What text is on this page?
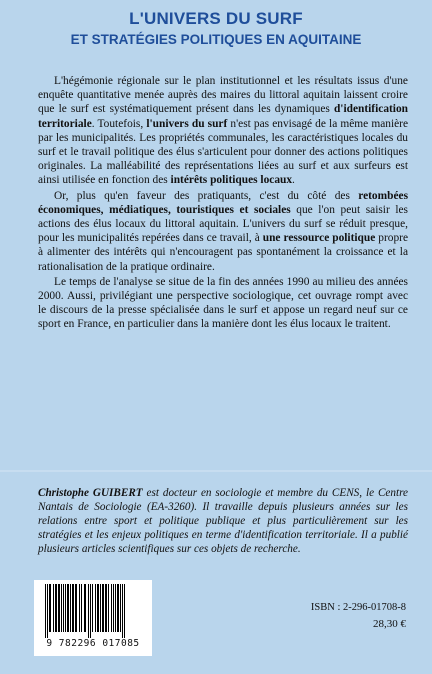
L'UNIVERS DU SURF
ET STRATÉGIES POLITIQUES EN AQUITAINE

L'hégémonie régionale sur le plan institutionnel et les résultats issus d'une enquête quantitative menée auprès des maires du littoral aquitain laissent croire que le surf est systématiquement présent dans les dynamiques d'identification territoriale. Toutefois, l'univers du surf n'est pas envisagé de la même manière par les municipalités. Les propriétés communales, les caractéristiques locales du surf et le travail politique des élus s'articulent pour donner des actions politiques originales. La malléabilité des représentations liées au surf et aux surfeurs est ainsi utilisée en fonction des intérêts politiques locaux.

Or, plus qu'en faveur des pratiquants, c'est du côté des retombées économiques, médiatiques, touristiques et sociales que l'on peut saisir les actions des élus locaux du littoral aquitain. L'univers du surf se réduit presque, pour les municipalités repérées dans ce travail, à une ressource politique propre à alimenter des intérêts qui n'encouragent pas spontanément la croissance et la rationalisation de la pratique ordinaire.

Le temps de l'analyse se situe de la fin des années 1990 au milieu des années 2000. Aussi, privilégiant une perspective sociologique, cet ouvrage rompt avec le discours de la presse spécialisée dans le surf et appose un regard neuf sur ce sport en France, en particulier dans la manière dont les élus locaux le traitent.

Christophe GUIBERT est docteur en sociologie et membre du CENS, le Centre Nantais de Sociologie (EA-3260). Il travaille depuis plusieurs années sur les relations entre sport et politique publique et plus particulièrement sur les stratégies et les enjeux politiques en terme d'identification territoriale. Il a publié plusieurs articles scientifiques sur ces objets de recherche.
9 782296 017085
ISBN : 2-296-01708-8
28,30 €
